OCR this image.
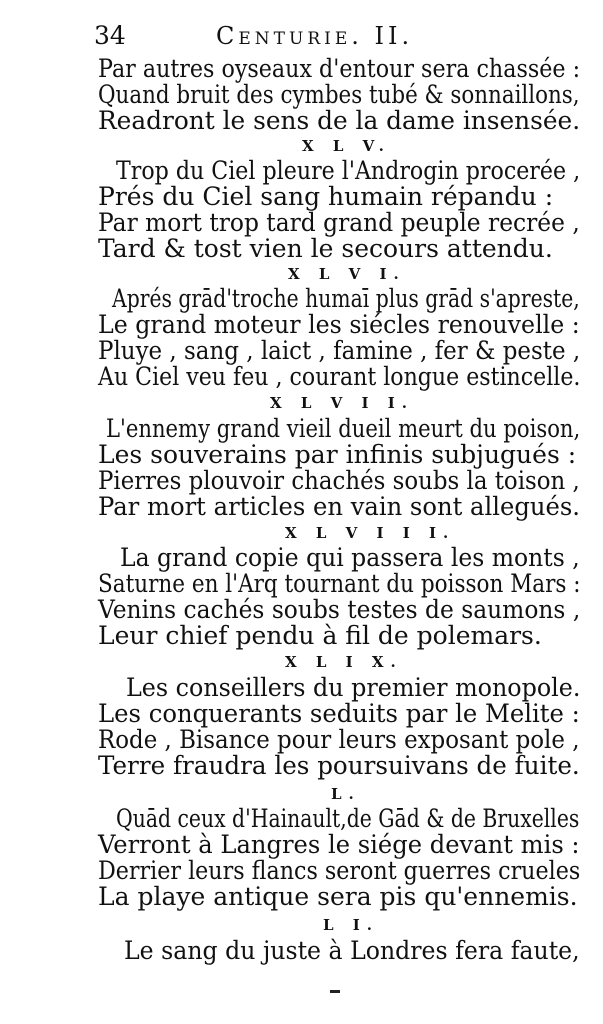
34	Centurie. II.
Par autres oyseaux d'entour sera chassée :
Quand bruit des cymbes tubé & sonnaillons,
Readront le sens de la dame insensée.
X L V.
Trop du Ciel pleure l'Androgin procerée ,
Prés du Ciel sang humain répandu :
Par mort trop tard grand peuple recrée ,
Tard & tost vien le secours attendu.
X L V I.
Aprés grād'troche humaī plus grād s'apreste,
Le grand moteur les siécles renouvelle :
Pluye , sang , laict , famine , fer & peste ,
Au Ciel veu feu , courant longue estincelle.
X L V I I.
L'ennemy grand vieil dueil meurt du poison,
Les souverains par infinis subjugués :
Pierres plouvoir chachés soubs la toison ,
Par mort articles en vain sont allegués.
X L V I I I.
La grand copie qui passera les monts ,
Saturne en l'Arq tournant du poisson Mars :
Venins cachés soubs testes de saumons ,
Leur chief pendu à fil de polemars.
X L I X.
Les conseillers du premier monopole.
Les conquerants seduits par le Melite :
Rode , Bisance pour leurs exposant pole ,
Terre fraudra les poursuivans de fuite.
L.
Quād ceux d'Hainault,de Gād & de Bruxelles
Verront à Langres le siége devant mis :
Derrier leurs flancs seront guerres crueles
La playe antique sera pis qu'ennemis.
L I.
Le sang du juste à Londres fera faute,
